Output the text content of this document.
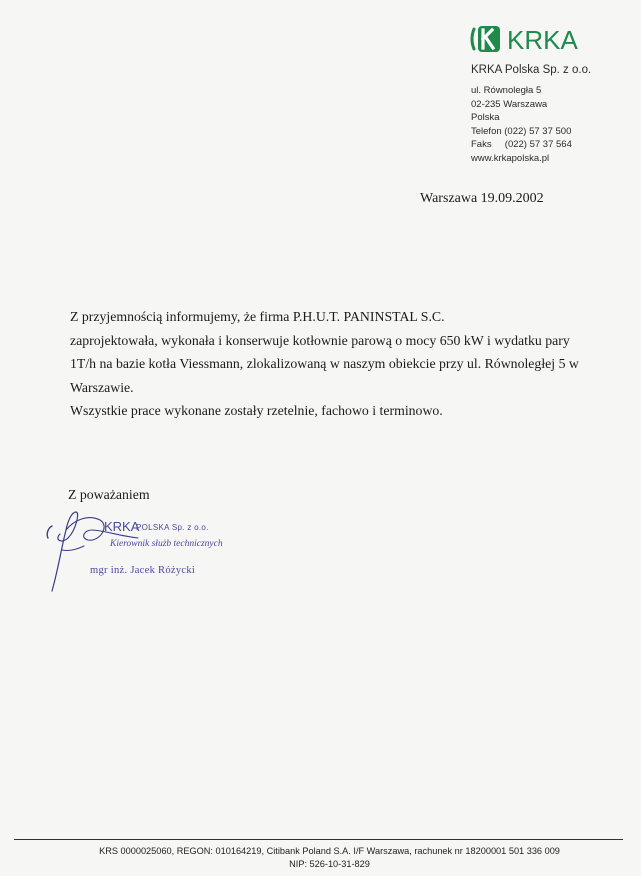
KRKA
KRKA Polska Sp. z o.o.
ul. Równoległa 5
02-235 Warszawa
Polska
Telefon (022) 57 37 500
Faks     (022) 57 37 564
www.krkapolska.pl
Warszawa 19.09.2002

Z przyjemnością informujemy, że firma P.H.U.T. PANINSTAL S.C.

zaprojektowała, wykonała i konserwuje kotłownie parową o mocy 650 kW i wydatku pary

1T/h na bazie kotła Viessmann, zlokalizowaną w naszym obiekcie przy ul. Równoległej 5 w

Warszawie.

Wszystkie prace wykonane zostały rzetelnie, fachowo i terminowo.

Z poważaniem
KRKA
POLSKA Sp. z o.o.
Kierownik służb technicznych
mgr inż. Jacek Różycki
KRS 0000025060, REGON: 010164219, Citibank Poland S.A. I/F Warszawa, rachunek nr 18200001 501 336 009
NIP: 526-10-31-829
